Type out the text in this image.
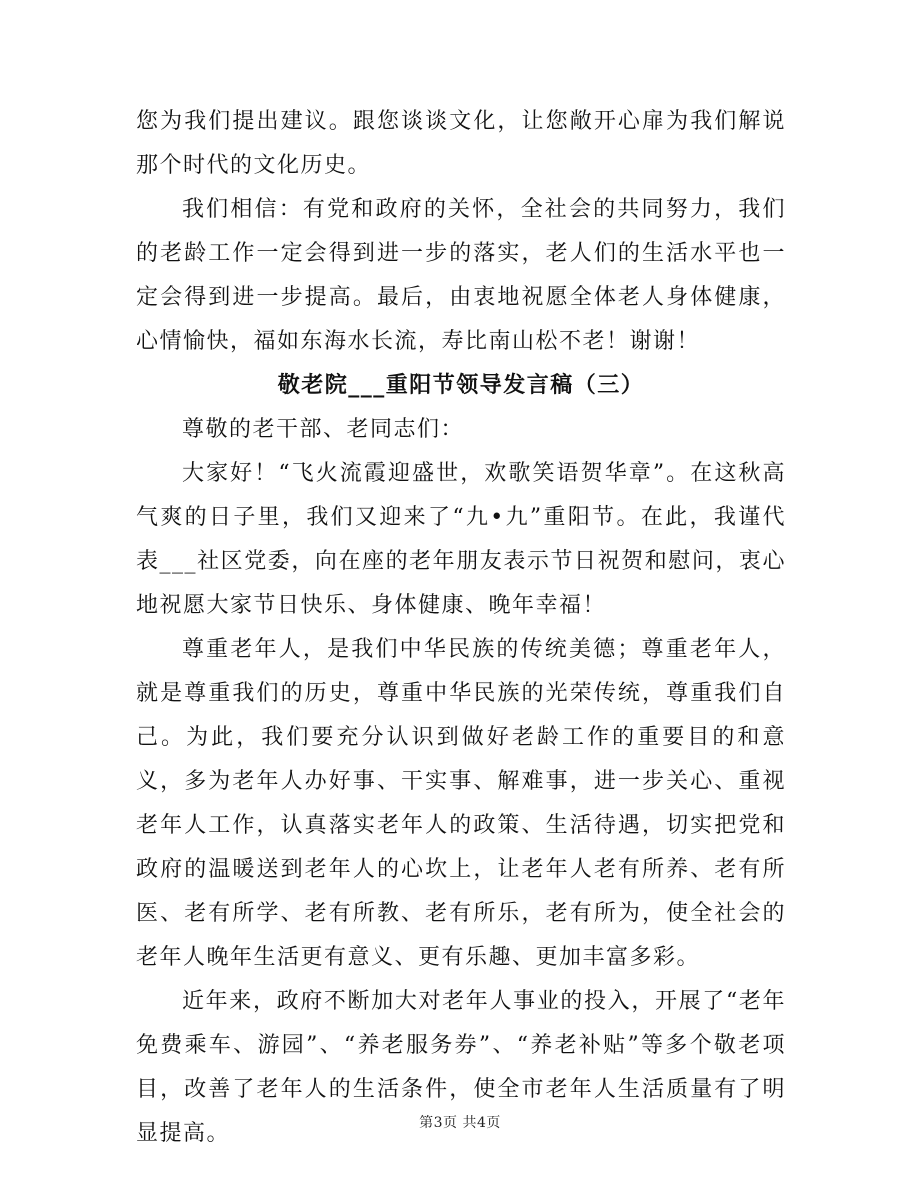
您为我们提出建议。跟您谈谈文化，让您敞开心扉为我们解说那个时代的文化历史。

我们相信：有党和政府的关怀，全社会的共同努力，我们的老龄工作一定会得到进一步的落实，老人们的生活水平也一定会得到进一步提高。最后，由衷地祝愿全体老人身体健康，心情愉快，福如东海水长流，寿比南山松不老！谢谢！

敬老院___重阳节领导发言稿（三）

尊敬的老干部、老同志们：

大家好！“飞火流霞迎盛世，欢歌笑语贺华章”。在这秋高气爽的日子里，我们又迎来了“九•九”重阳节。在此，我谨代表___社区党委，向在座的老年朋友表示节日祝贺和慰问，衷心地祝愿大家节日快乐、身体健康、晚年幸福！

尊重老年人，是我们中华民族的传统美德；尊重老年人，就是尊重我们的历史，尊重中华民族的光荣传统，尊重我们自己。为此，我们要充分认识到做好老龄工作的重要目的和意义，多为老年人办好事、干实事、解难事，进一步关心、重视老年人工作，认真落实老年人的政策、生活待遇，切实把党和政府的温暖送到老年人的心坎上，让老年人老有所养、老有所医、老有所学、老有所教、老有所乐，老有所为，使全社会的老年人晚年生活更有意义、更有乐趣、更加丰富多彩。

近年来，政府不断加大对老年人事业的投入，开展了“老年免费乘车、游园”、“养老服务券”、“养老补贴”等多个敬老项目，改善了老年人的生活条件，使全市老年人生活质量有了明显提高。	第3页 共4页
